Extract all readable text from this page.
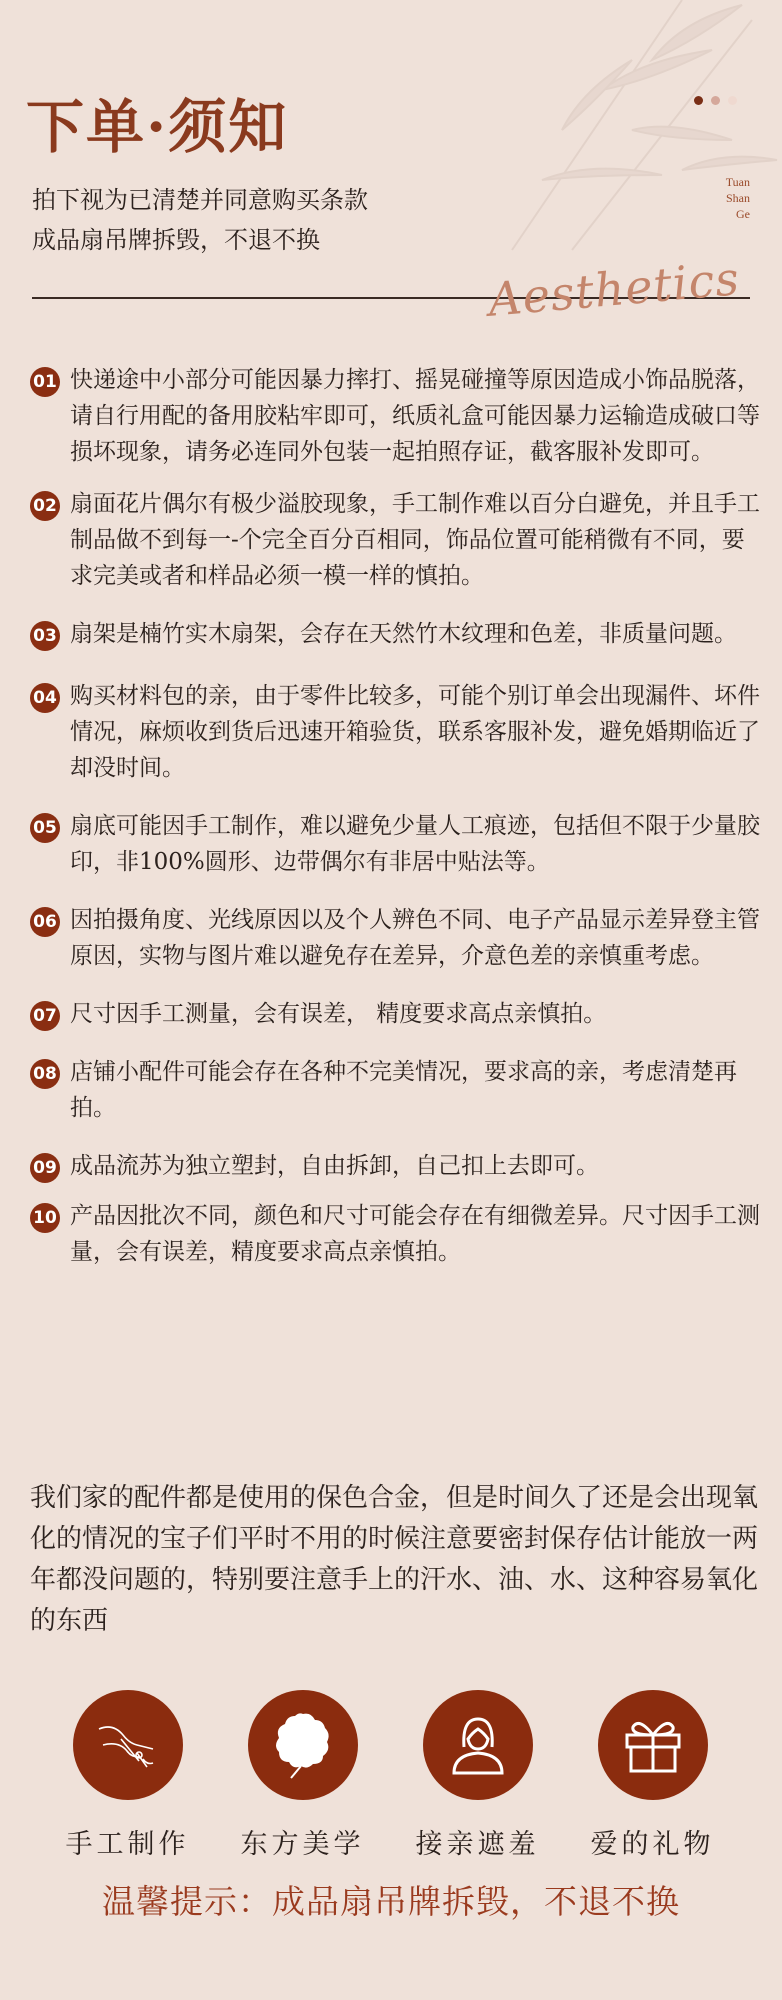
下单·须知
Tuan
Shan
Ge
拍下视为已清楚并同意购买条款
成品扇吊牌拆毁，不退不换
Aesthetics
01 快递途中小部分可能因暴力摔打、摇晃碰撞等原因造成小饰品脱落，请自行用配的备用胶粘牢即可，纸质礼盒可能因暴力运输造成破口等损坏现象，请务必连同外包装一起拍照存证，截客服补发即可。
02 扇面花片偶尔有极少溢胶现象，手工制作难以百分白避免，并且手工制品做不到每一-个完全百分百相同，饰品位置可能稍微有不同，要求完美或者和样品必须一模一样的慎拍。
03 扇架是楠竹实木扇架，会存在天然竹木纹理和色差，非质量问题。
04 购买材料包的亲，由于零件比较多，可能个别订单会出现漏件、坏件情况，麻烦收到货后迅速开箱验货，联系客服补发，避免婚期临近了却没时间。
05 扇底可能因手工制作，难以避免少量人工痕迹，包括但不限于少量胶印，非100%圆形、边带偶尔有非居中贴法等。
06 因拍摄角度、光线原因以及个人辨色不同、电子产品显示差异登主管原因，实物与图片难以避免存在差异，介意色差的亲慎重考虑。
07 尺寸因手工测量，会有误差， 精度要求高点亲慎拍。
08 店铺小配件可能会存在各种不完美情况，要求高的亲，考虑清楚再拍。
09 成品流苏为独立塑封，自由拆卸，自己扣上去即可。
10 产品因批次不同，颜色和尺寸可能会存在有细微差异。尺寸因手工测量，会有误差，精度要求高点亲慎拍。
我们家的配件都是使用的保色合金，但是时间久了还是会出现氧化的情况的宝子们平时不用的时候注意要密封保存估计能放一两年都没问题的，特别要注意手上的汗水、油、水、这种容易氧化的东西
手工制作 东方美学 接亲遮羞 爱的礼物
温馨提示：成品扇吊牌拆毁，不退不换
